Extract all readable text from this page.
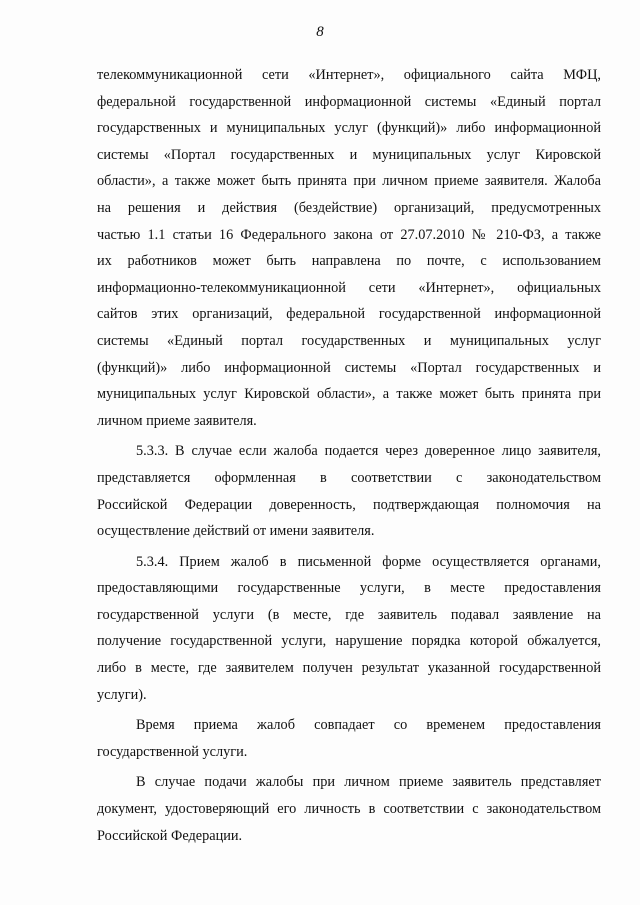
8
телекоммуникационной сети «Интернет», официального сайта МФЦ,
федеральной государственной информационной системы «Единый портал
государственных и муниципальных услуг (функций)» либо информационной
системы «Портал государственных и муниципальных услуг Кировской
области», а также может быть принята при личном приеме заявителя. Жалоба
на решения и действия (бездействие) организаций, предусмотренных
частью 1.1 статьи 16 Федерального закона от 27.07.2010 № 210-ФЗ, а также
их работников может быть направлена по почте, с использованием
информационно-телекоммуникационной сети «Интернет», официальных
сайтов этих организаций, федеральной государственной информационной
системы «Единый портал государственных и муниципальных услуг
(функций)» либо информационной системы «Портал государственных и
муниципальных услуг Кировской области», а также может быть принята при
личном приеме заявителя.
5.3.3. В случае если жалоба подается через доверенное лицо заявителя,
представляется оформленная в соответствии с законодательством
Российской Федерации доверенность, подтверждающая полномочия на
осуществление действий от имени заявителя.
5.3.4. Прием жалоб в письменной форме осуществляется органами,
предоставляющими государственные услуги, в месте предоставления
государственной услуги (в месте, где заявитель подавал заявление на
получение государственной услуги, нарушение порядка которой обжалуется,
либо в месте, где заявителем получен результат указанной государственной
услуги).
Время приема жалоб совпадает со временем предоставления
государственной услуги.
В случае подачи жалобы при личном приеме заявитель представляет
документ, удостоверяющий его личность в соответствии с законодательством
Российской Федерации.
